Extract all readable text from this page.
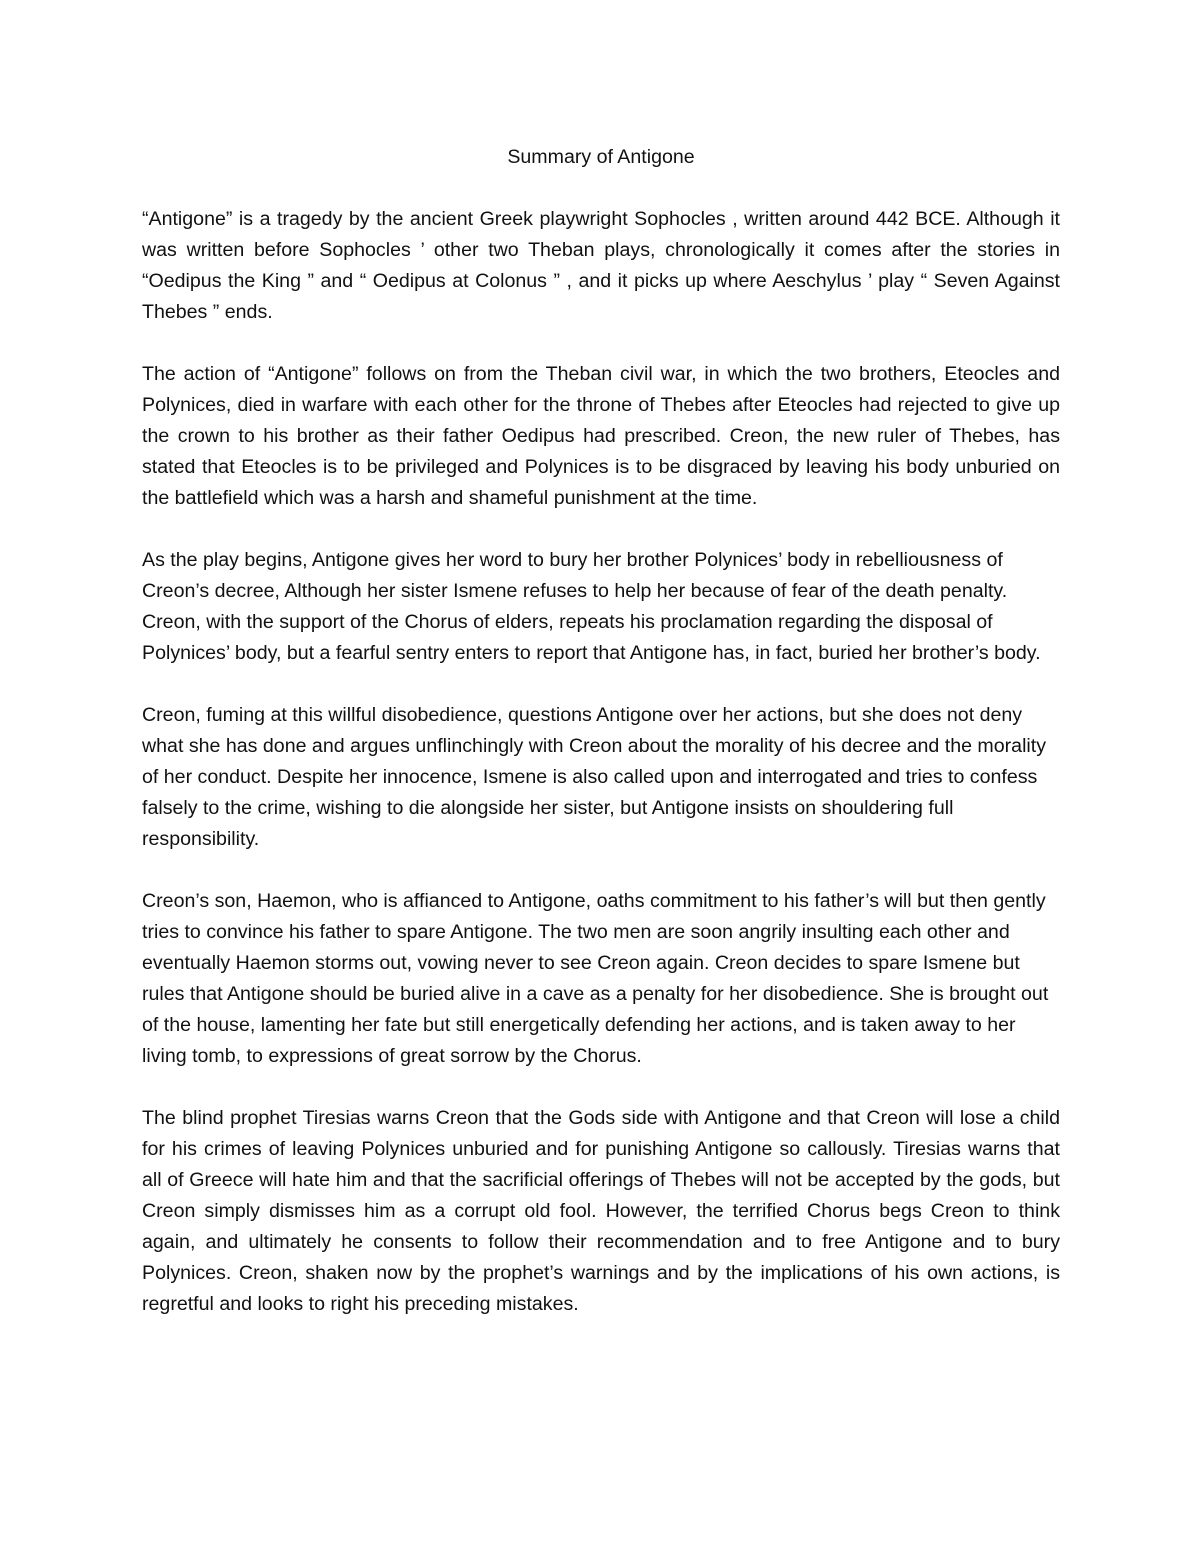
Summary of Antigone

“Antigone” is a tragedy by the ancient Greek playwright Sophocles , written around 442 BCE. Although it was written before Sophocles ’ other two Theban plays, chronologically it comes after the stories in “Oedipus the King ” and “ Oedipus at Colonus ” , and it picks up where Aeschylus ’ play “ Seven Against Thebes ” ends.

The action of “Antigone” follows on from the Theban civil war, in which the two brothers, Eteocles and Polynices, died in warfare with each other for the throne of Thebes after Eteocles had rejected to give up the crown to his brother as their father Oedipus had prescribed. Creon, the new ruler of Thebes, has stated that Eteocles is to be privileged and Polynices is to be disgraced by leaving his body unburied on the battlefield which was a harsh and shameful punishment at the time.

As the play begins, Antigone gives her word to bury her brother Polynices’ body in rebelliousness of Creon’s decree, Although her sister Ismene refuses to help her because of fear of the death penalty. Creon, with the support of the Chorus of elders, repeats his proclamation regarding the disposal of Polynices’ body, but a fearful sentry enters to report that Antigone has, in fact, buried her brother’s body.

Creon, fuming at this willful disobedience, questions Antigone over her actions, but she does not deny what she has done and argues unflinchingly with Creon about the morality of his decree and the morality of her conduct. Despite her innocence, Ismene is also called upon and interrogated and tries to confess falsely to the crime, wishing to die alongside her sister, but Antigone insists on shouldering full responsibility.

Creon’s son, Haemon, who is affianced to Antigone, oaths commitment to his father’s will but then gently tries to convince his father to spare Antigone. The two men are soon angrily insulting each other and eventually Haemon storms out, vowing never to see Creon again. Creon decides to spare Ismene but rules that Antigone should be buried alive in a cave as a penalty for her disobedience. She is brought out of the house, lamenting her fate but still energetically defending her actions, and is taken away to her living tomb, to expressions of great sorrow by the Chorus.

The blind prophet Tiresias warns Creon that the Gods side with Antigone and that Creon will lose a child for his crimes of leaving Polynices unburied and for punishing Antigone so callously. Tiresias warns that all of Greece will hate him and that the sacrificial offerings of Thebes will not be accepted by the gods, but Creon simply dismisses him as a corrupt old fool. However, the terrified Chorus begs Creon to think again, and ultimately he consents to follow their recommendation and to free Antigone and to bury Polynices. Creon, shaken now by the prophet’s warnings and by the implications of his own actions, is regretful and looks to right his preceding mistakes.
